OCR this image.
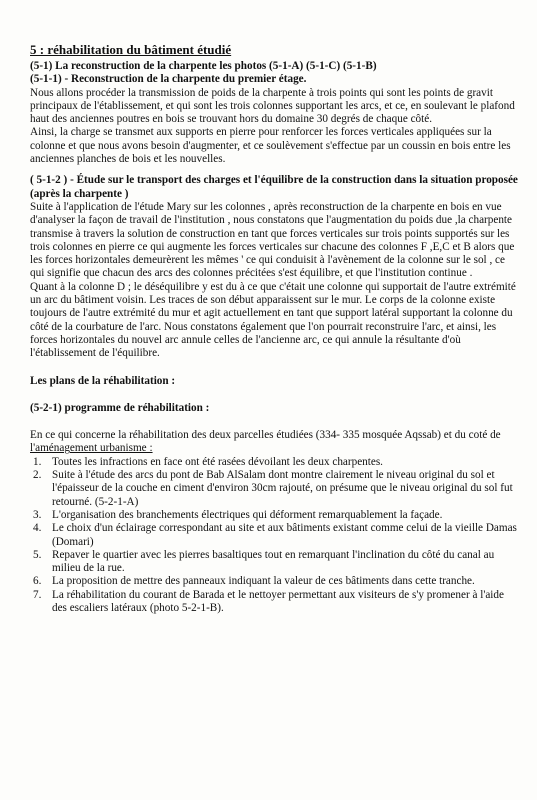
5 : réhabilitation du bâtiment étudié

(5-1) La reconstruction de la charpente les photos (5-1-A) (5-1-C) (5-1-B)

(5-1-1) - Reconstruction de la charpente du premier étage.

Nous allons procéder la transmission de poids de la charpente à trois points qui sont les points de gravit principaux de l'établissement, et qui sont les trois colonnes supportant les arcs, et ce, en soulevant le plafond haut des anciennes poutres en bois se trouvant hors du domaine 30 degrés de chaque côté.

Ainsi, la charge se transmet aux supports en pierre pour renforcer les forces verticales appliquées sur la colonne et que nous avons besoin d'augmenter, et ce soulèvement s'effectue par un coussin en bois entre les anciennes planches de bois et les nouvelles.

( 5-1-2 ) - Étude sur le transport des charges et l'équilibre de la construction dans la situation proposée (après la charpente )

Suite à l'application de l'étude Mary sur les colonnes , après reconstruction de la charpente en bois en vue d'analyser la façon de travail de l'institution , nous constatons que l'augmentation du poids due ,la charpente transmise à travers la solution de construction en tant que forces verticales sur trois points supportés sur les trois colonnes en pierre ce qui augmente les forces verticales sur chacune des colonnes F ,E,C et B alors que les forces horizontales demeurèrent les mêmes ' ce qui conduisit à l'avènement de la colonne sur le sol , ce qui signifie que chacun des arcs des colonnes précitées s'est équilibre, et que l'institution continue .

Quant à la colonne D ; le déséquilibre y est du à ce que c'était une colonne qui supportait de l'autre extrémité un arc du bâtiment voisin. Les traces de son début apparaissent sur le mur. Le corps de la colonne existe toujours de l'autre extrémité du mur et agit actuellement en tant que support latéral supportant la colonne du côté de la courbature de l'arc. Nous constatons également que l'on pourrait reconstruire l'arc, et ainsi, les forces horizontales du nouvel arc annule celles de l'ancienne arc, ce qui annule la résultante d'où l'établissement de l'équilibre.

Les plans de la réhabilitation :

(5-2-1) programme de réhabilitation :

En ce qui concerne la réhabilitation des deux parcelles étudiées (334- 335 mosquée Aqssab) et du coté de l'aménagement urbanisme :

1. Toutes les infractions en face ont été rasées dévoilant les deux charpentes.
2. Suite à l'étude des arcs du pont de Bab AlSalam dont montre clairement le niveau original du sol et l'épaisseur de la couche en ciment d'environ 30cm rajouté, on présume que le niveau original du sol fut retourné. (5-2-1-A)
3. L'organisation des branchements électriques qui déforment remarquablement la façade.
4. Le choix d'un éclairage correspondant au site et aux bâtiments existant comme celui de la vieille Damas (Domari)
5. Repaver le quartier avec les pierres basaltiques tout en remarquant l'inclination du côté du canal au milieu de la rue.
6. La proposition de mettre des panneaux indiquant la valeur de ces bâtiments dans cette tranche.
7. La réhabilitation du courant de Barada et le nettoyer permettant aux visiteurs de s'y promener à l'aide des escaliers latéraux (photo 5-2-1-B).
